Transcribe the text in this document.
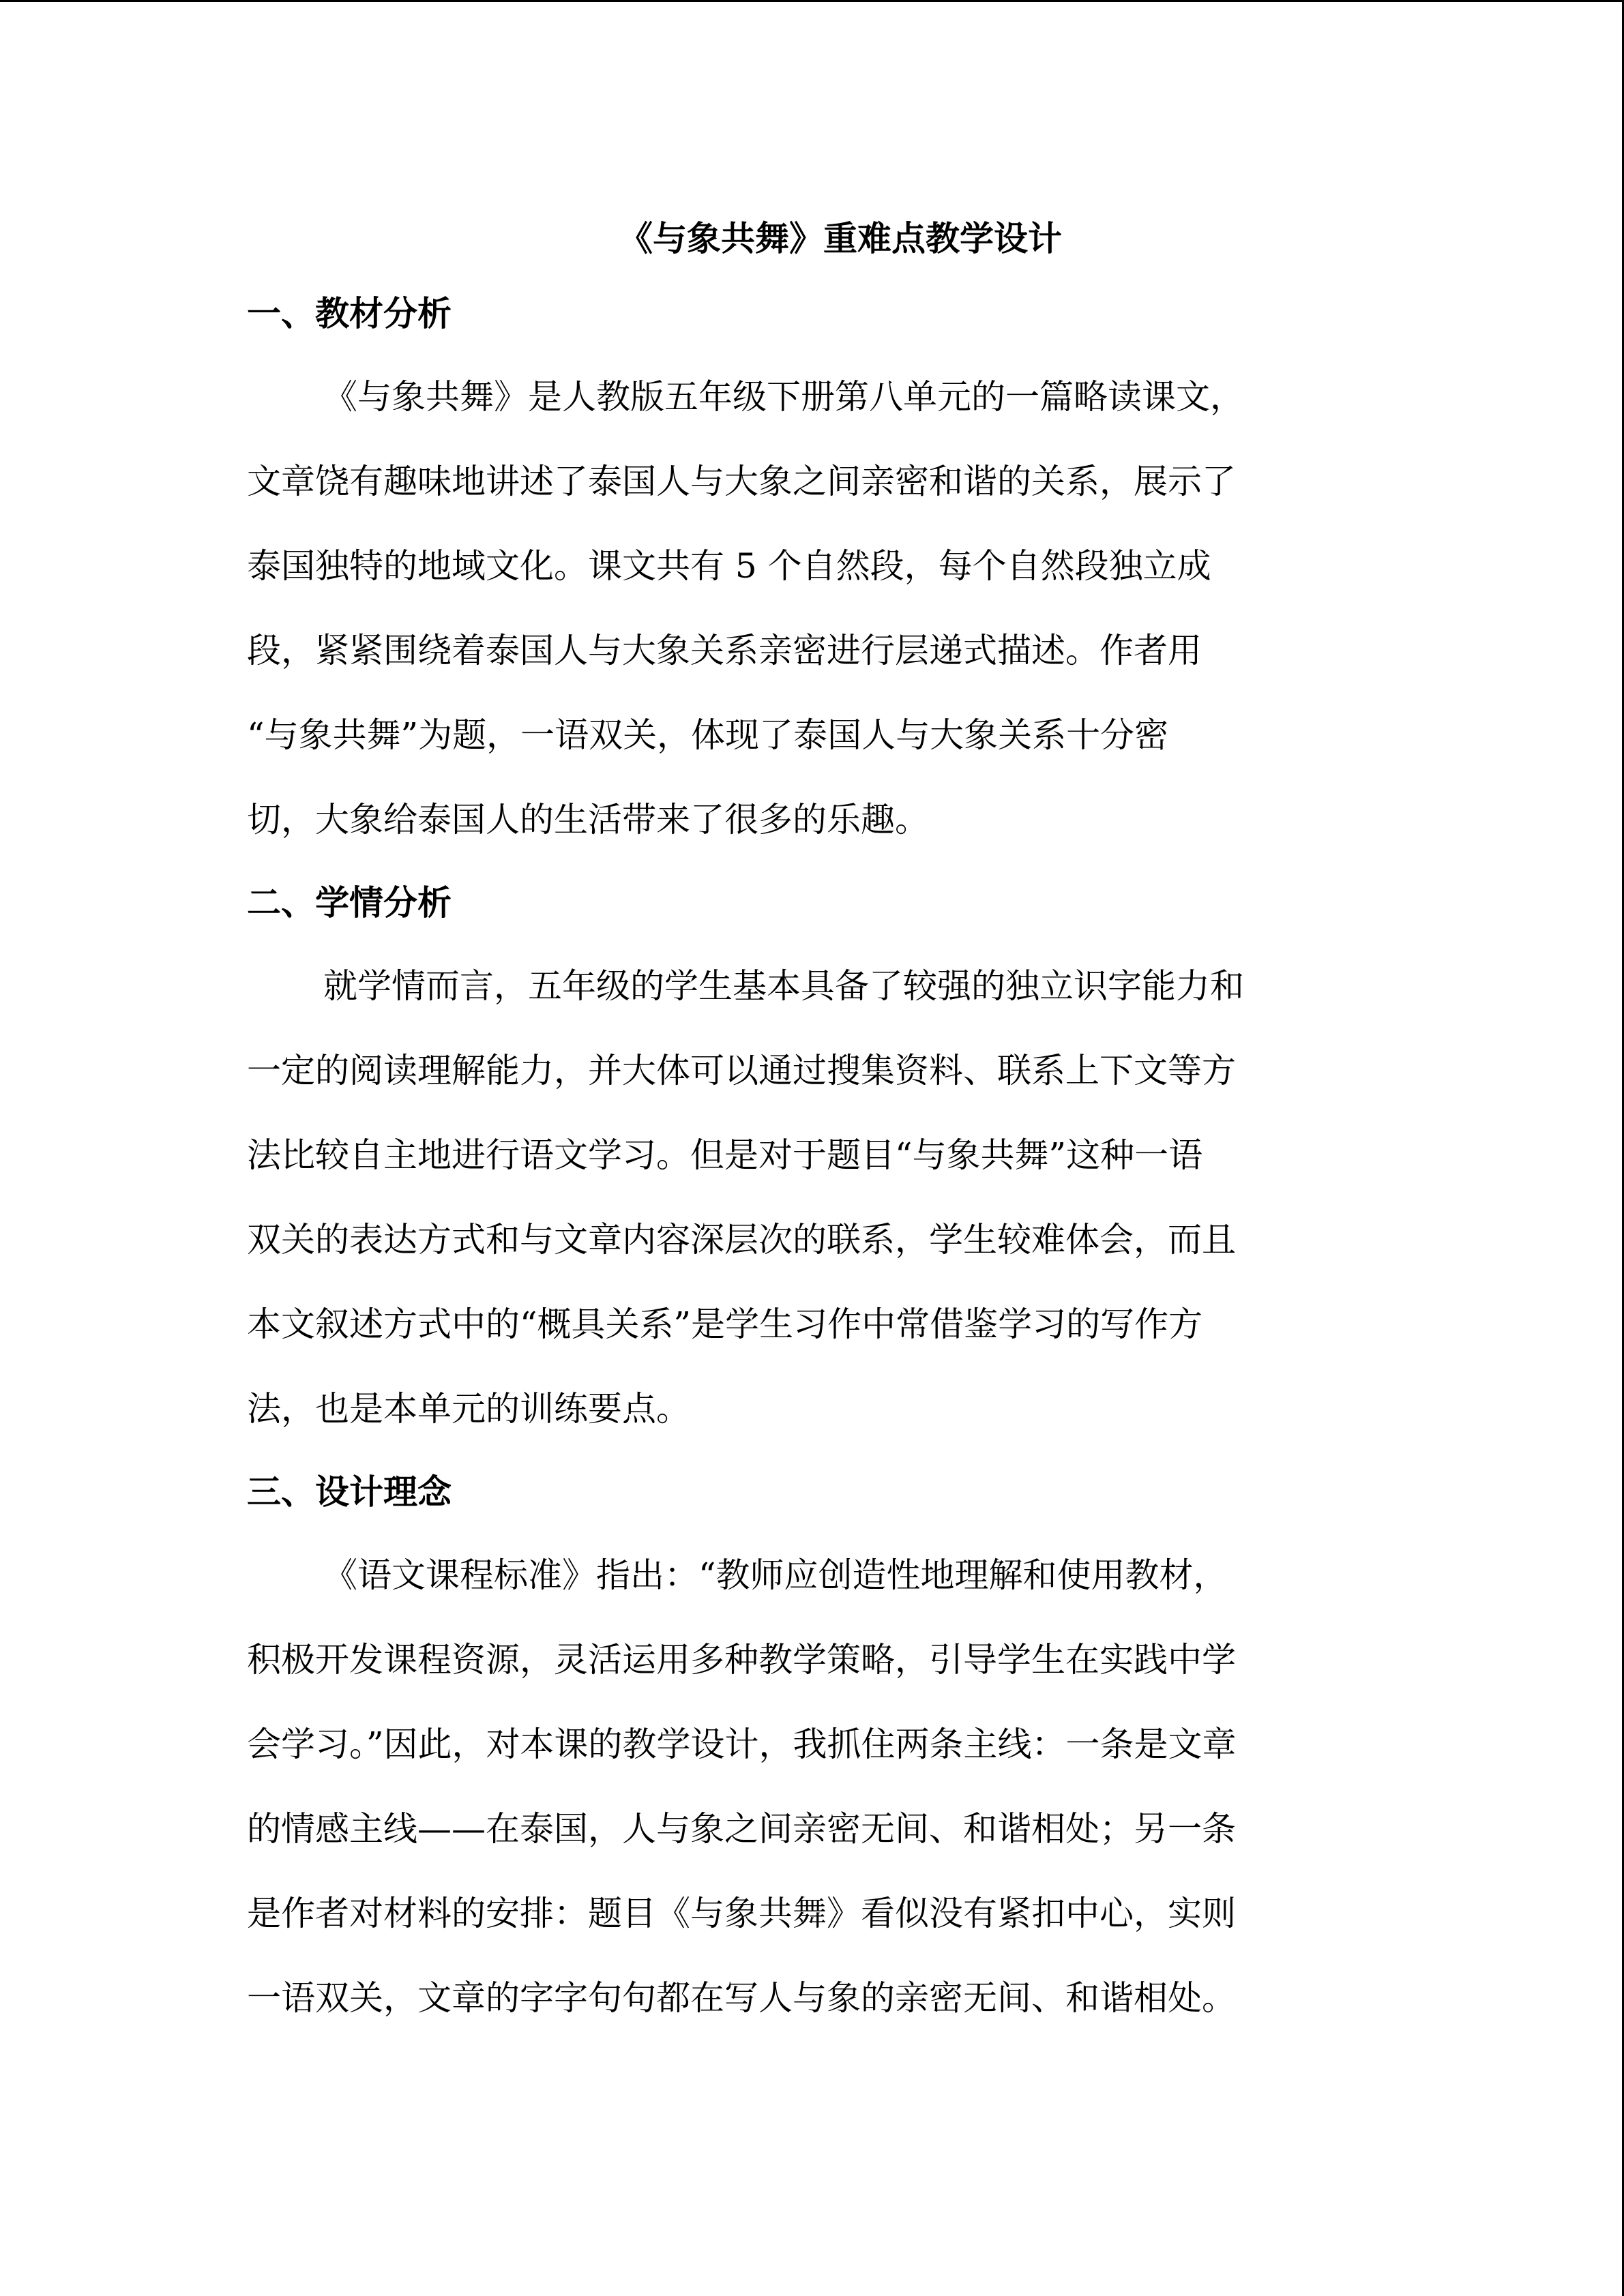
《与象共舞》重难点教学设计
一、教材分析

《与象共舞》是人教版五年级下册第八单元的一篇略读课文，
文章饶有趣味地讲述了泰国人与大象之间亲密和谐的关系，展示了
泰国独特的地域文化。课文共有 5 个自然段，每个自然段独立成
段，紧紧围绕着泰国人与大象关系亲密进行层递式描述。作者用
“与象共舞”为题，一语双关，体现了泰国人与大象关系十分密
切，大象给泰国人的生活带来了很多的乐趣。

二、学情分析

就学情而言，五年级的学生基本具备了较强的独立识字能力和
一定的阅读理解能力，并大体可以通过搜集资料、联系上下文等方
法比较自主地进行语文学习。但是对于题目“与象共舞”这种一语
双关的表达方式和与文章内容深层次的联系，学生较难体会，而且
本文叙述方式中的“概具关系”是学生习作中常借鉴学习的写作方
法，也是本单元的训练要点。

三、设计理念

《语文课程标准》指出：“教师应创造性地理解和使用教材，
积极开发课程资源，灵活运用多种教学策略，引导学生在实践中学
会学习。”因此，对本课的教学设计，我抓住两条主线：一条是文章
的情感主线——在泰国，人与象之间亲密无间、和谐相处；另一条
是作者对材料的安排：题目《与象共舞》看似没有紧扣中心，实则
一语双关，文章的字字句句都在写人与象的亲密无间、和谐相处。
